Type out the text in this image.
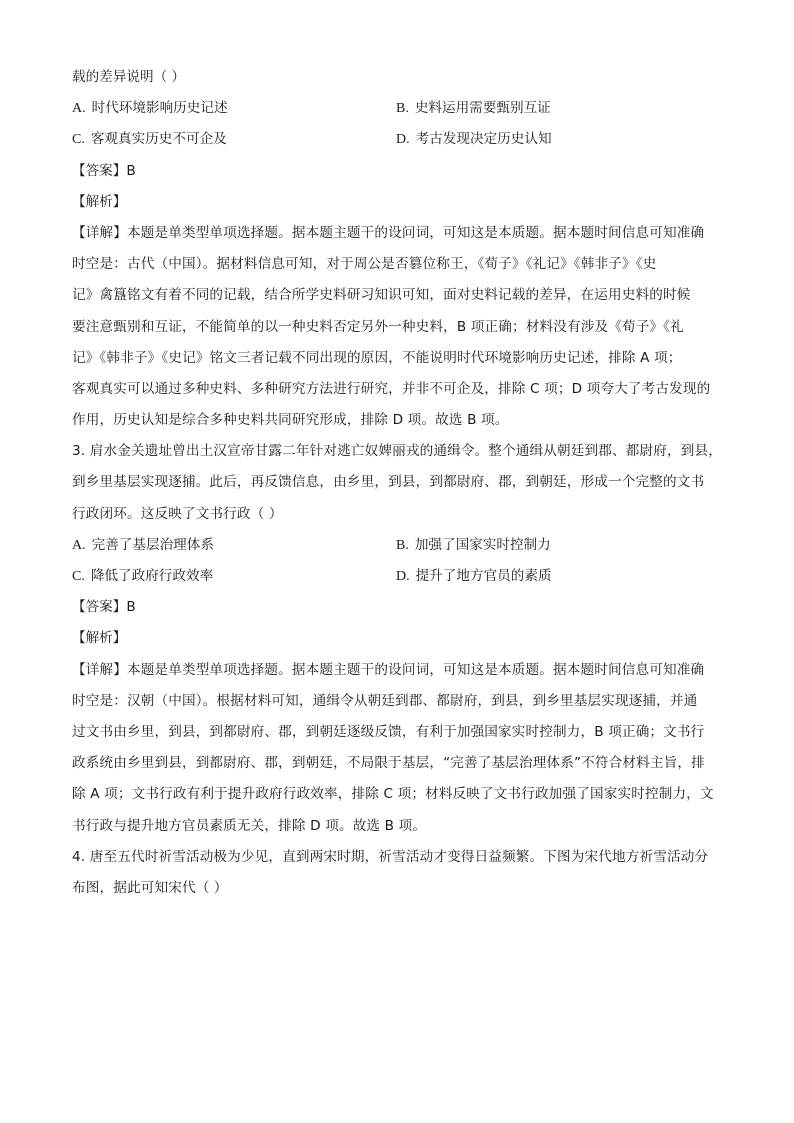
载的差异说明（ ）
A. 时代环境影响历史记述	B. 史料运用需要甄别互证
C. 客观真实历史不可企及	D. 考古发现决定历史认知
【答案】B
【解析】
【详解】本题是单类型单项选择题。据本题主题干的设问词，可知这是本质题。据本题时间信息可知准确
时空是：古代（中国）。据材料信息可知，对于周公是否篡位称王，《荀子》《礼记》《韩非子》《史
记》禽簋铭文有着不同的记载，结合所学史料研习知识可知，面对史料记载的差异，在运用史料的时候
要注意甄别和互证，不能简单的以一种史料否定另外一种史料，B 项正确；材料没有涉及《荀子》《礼
记》《韩非子》《史记》铭文三者记载不同出现的原因，不能说明时代环境影响历史记述，排除 A 项；
客观真实可以通过多种史料、多种研究方法进行研究，并非不可企及，排除 C 项；D 项夸大了考古发现的
作用，历史认知是综合多种史料共同研究形成，排除 D 项。故选 B 项。
3. 肩水金关遗址曾出土汉宣帝甘露二年针对逃亡奴婢丽戎的通缉令。整个通缉从朝廷到郡、都尉府，到县，
到乡里基层实现逐捕。此后，再反馈信息，由乡里，到县，到都尉府、郡，到朝廷，形成一个完整的文书
行政闭环。这反映了文书行政（ ）
A. 完善了基层治理体系	B. 加强了国家实时控制力
C. 降低了政府行政效率	D. 提升了地方官员的素质
【答案】B
【解析】
【详解】本题是单类型单项选择题。据本题主题干的设问词，可知这是本质题。据本题时间信息可知准确
时空是：汉朝（中国）。根据材料可知，通缉令从朝廷到郡、都尉府，到县，到乡里基层实现逐捕，并通
过文书由乡里，到县，到都尉府、郡，到朝廷逐级反馈，有利于加强国家实时控制力，B 项正确；文书行
政系统由乡里到县，到都尉府、郡，到朝廷，不局限于基层，“完善了基层治理体系”不符合材料主旨，排
除 A 项；文书行政有利于提升政府行政效率，排除 C 项；材料反映了文书行政加强了国家实时控制力，文
书行政与提升地方官员素质无关，排除 D 项。故选 B 项。
4. 唐至五代时祈雪活动极为少见，直到两宋时期，祈雪活动才变得日益频繁。下图为宋代地方祈雪活动分
布图，据此可知宋代（ ）
